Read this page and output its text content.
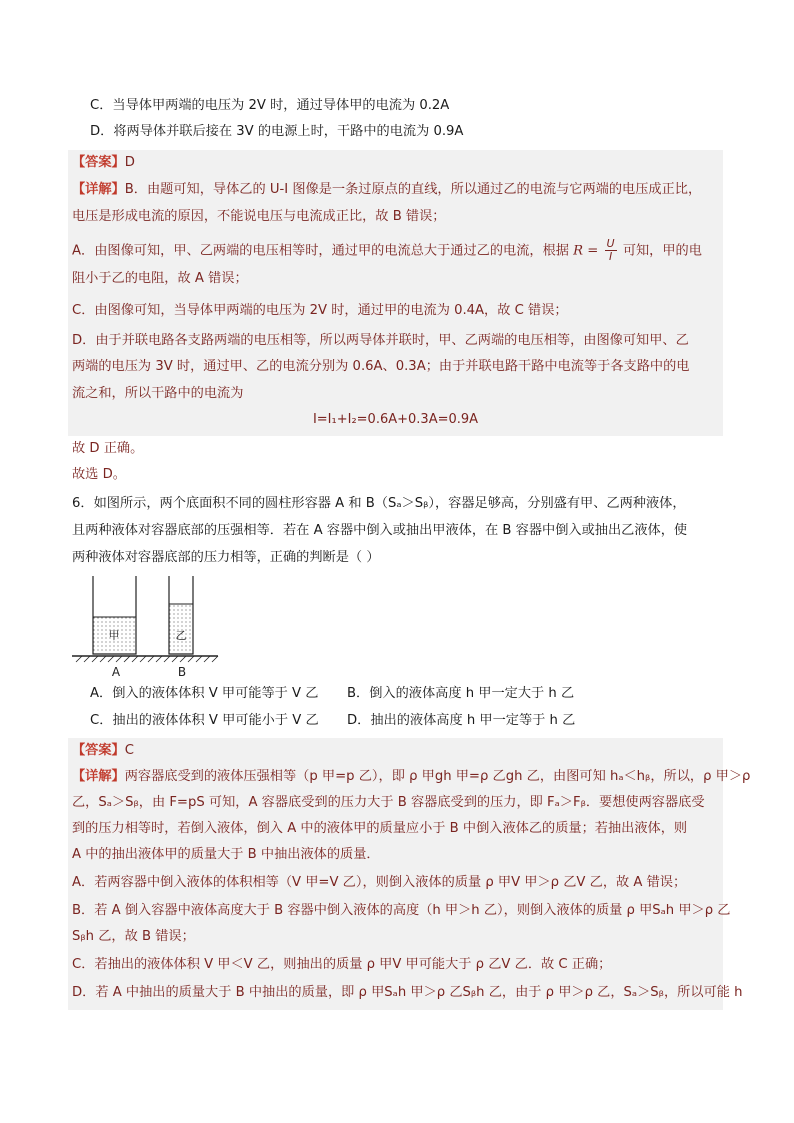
C．当导体甲两端的电压为 2V 时，通过导体甲的电流为 0.2A
D．将两导体并联后接在 3V 的电源上时，干路中的电流为 0.9A
【答案】D
【详解】B．由题可知，导体乙的 U-I 图像是一条过原点的直线，所以通过乙的电流与它两端的电压成正比，
电压是形成电流的原因，不能说电压与电流成正比，故 B 错误；
A．由图像可知，甲、乙两端的电压相等时，通过甲的电流总大于通过乙的电流，根据 $R = \frac{U}{I}$ 可知，甲的电
阻小于乙的电阻，故 A 错误；
C．由图像可知，当导体甲两端的电压为 2V 时，通过甲的电流为 0.4A，故 C 错误；
D．由于并联电路各支路两端的电压相等，所以两导体并联时，甲、乙两端的电压相等，由图像可知甲、乙
两端的电压为 3V 时，通过甲、乙的电流分别为 0.6A、0.3A；由于并联电路干路中电流等于各支路中的电
流之和，所以干路中的电流为
I=I₁+I₂=0.6A+0.3A=0.9A
故 D 正确。
故选 D。
6．如图所示，两个底面积不同的圆柱形容器 A 和 B（Sₐ＞Sᵦ），容器足够高，分别盛有甲、乙两种液体，
且两种液体对容器底部的压强相等．若在 A 容器中倒入或抽出甲液体，在 B 容器中倒入或抽出乙液体，使
两种液体对容器底部的压力相等，正确的判断是（ ）
甲	乙
A	B
A．倒入的液体体积 V 甲可能等于 V 乙 B．倒入的液体高度 h 甲一定大于 h 乙
C．抽出的液体体积 V 甲可能小于 V 乙 D．抽出的液体高度 h 甲一定等于 h 乙
【答案】C
【详解】两容器底受到的液体压强相等（p 甲=p 乙），即 ρ 甲gh 甲=ρ 乙gh 乙，由图可知 hₐ＜hᵦ，所以，ρ 甲＞ρ
乙，Sₐ＞Sᵦ，由 F=pS 可知，A 容器底受到的压力大于 B 容器底受到的压力，即 Fₐ＞Fᵦ．要想使两容器底受
到的压力相等时，若倒入液体，倒入 A 中的液体甲的质量应小于 B 中倒入液体乙的质量；若抽出液体，则
A 中的抽出液体甲的质量大于 B 中抽出液体的质量．
A．若两容器中倒入液体的体积相等（V 甲=V 乙），则倒入液体的质量 ρ 甲V 甲＞ρ 乙V 乙，故 A 错误；
B．若 A 倒入容器中液体高度大于 B 容器中倒入液体的高度（h 甲＞h 乙），则倒入液体的质量 ρ 甲Sₐh 甲＞ρ 乙
Sᵦh 乙，故 B 错误；
C．若抽出的液体体积 V 甲＜V 乙，则抽出的质量 ρ 甲V 甲可能大于 ρ 乙V 乙．故 C 正确；
D．若 A 中抽出的质量大于 B 中抽出的质量，即 ρ 甲Sₐh 甲＞ρ 乙Sᵦh 乙，由于 ρ 甲＞ρ 乙，Sₐ＞Sᵦ，所以可能 h
